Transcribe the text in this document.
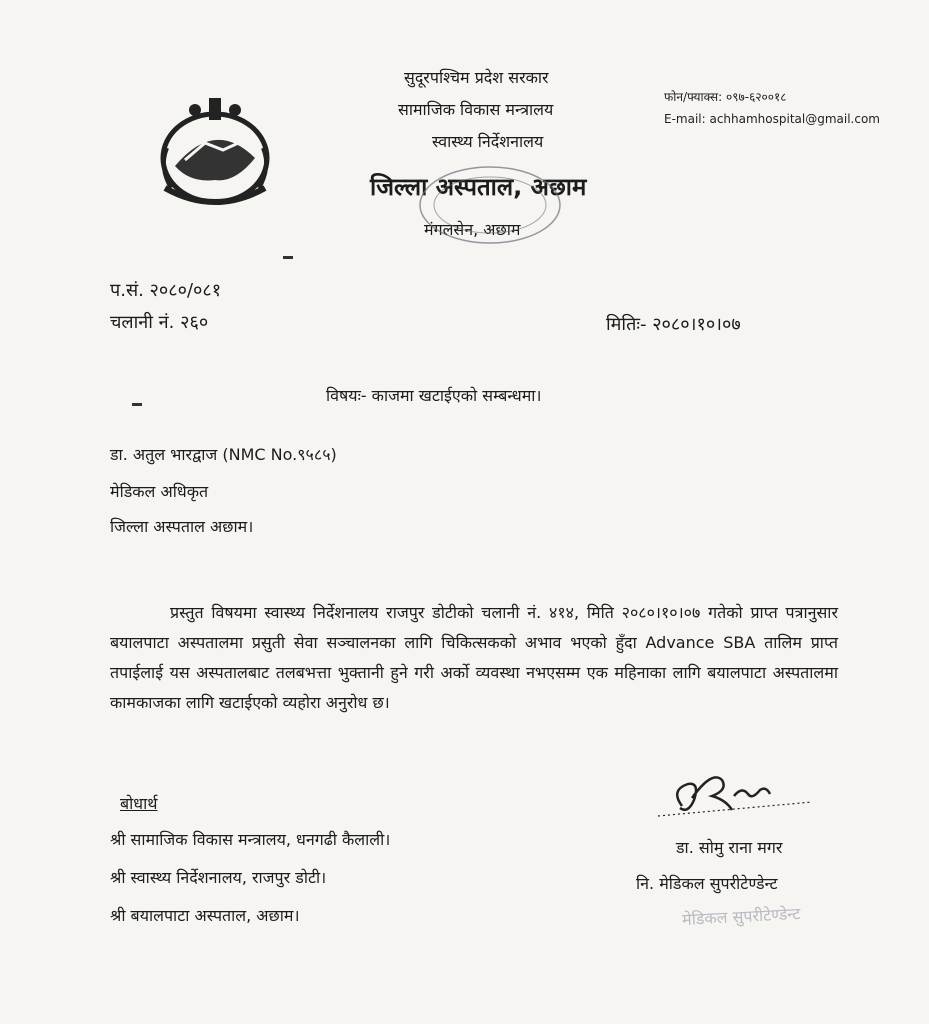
सुदूरपश्चिम प्रदेश सरकार
सामाजिक विकास मन्त्रालय
स्वास्थ्य निर्देशनालय
जिल्ला अस्पताल, अछाम
मंगलसेन, अछाम
फोन/फ्याक्स: ०९७-६२००१८
E-mail: achhamhospital@gmail.com
प.सं. २०८०/०८१
चलानी नं. २६०	मितिः- २०८०।१०।०७
विषयः- काजमा खटाईएको सम्बन्धमा।
डा. अतुल भारद्वाज (NMC No.९५८५)
मेडिकल अधिकृत
जिल्ला अस्पताल अछाम।
प्रस्तुत विषयमा स्वास्थ्य निर्देशनालय राजपुर डोटीको चलानी नं. ४१४, मिति २०८०।१०।०७ गतेको प्राप्त पत्रानुसार बयालपाटा अस्पतालमा प्रसुती सेवा सञ्चालनका लागि चिकित्सकको अभाव भएको हुँदा Advance SBA तालिम प्राप्त तपाईलाई यस अस्पतालबाट तलबभत्ता भुक्तानी हुने गरी अर्को व्यवस्था नभएसम्म एक महिनाका लागि बयालपाटा अस्पतालमा कामकाजका लागि खटाईएको व्यहोरा अनुरोध छ।
बोधार्थ
श्री सामाजिक विकास मन्त्रालय, धनगढी कैलाली।
श्री स्वास्थ्य निर्देशनालय, राजपुर डोटी।
श्री बयालपाटा अस्पताल, अछाम।
डा. सोमु राना मगर
नि. मेडिकल सुपरीटेण्डेन्ट
मेडिकल सुपरीटेण्डेन्ट
